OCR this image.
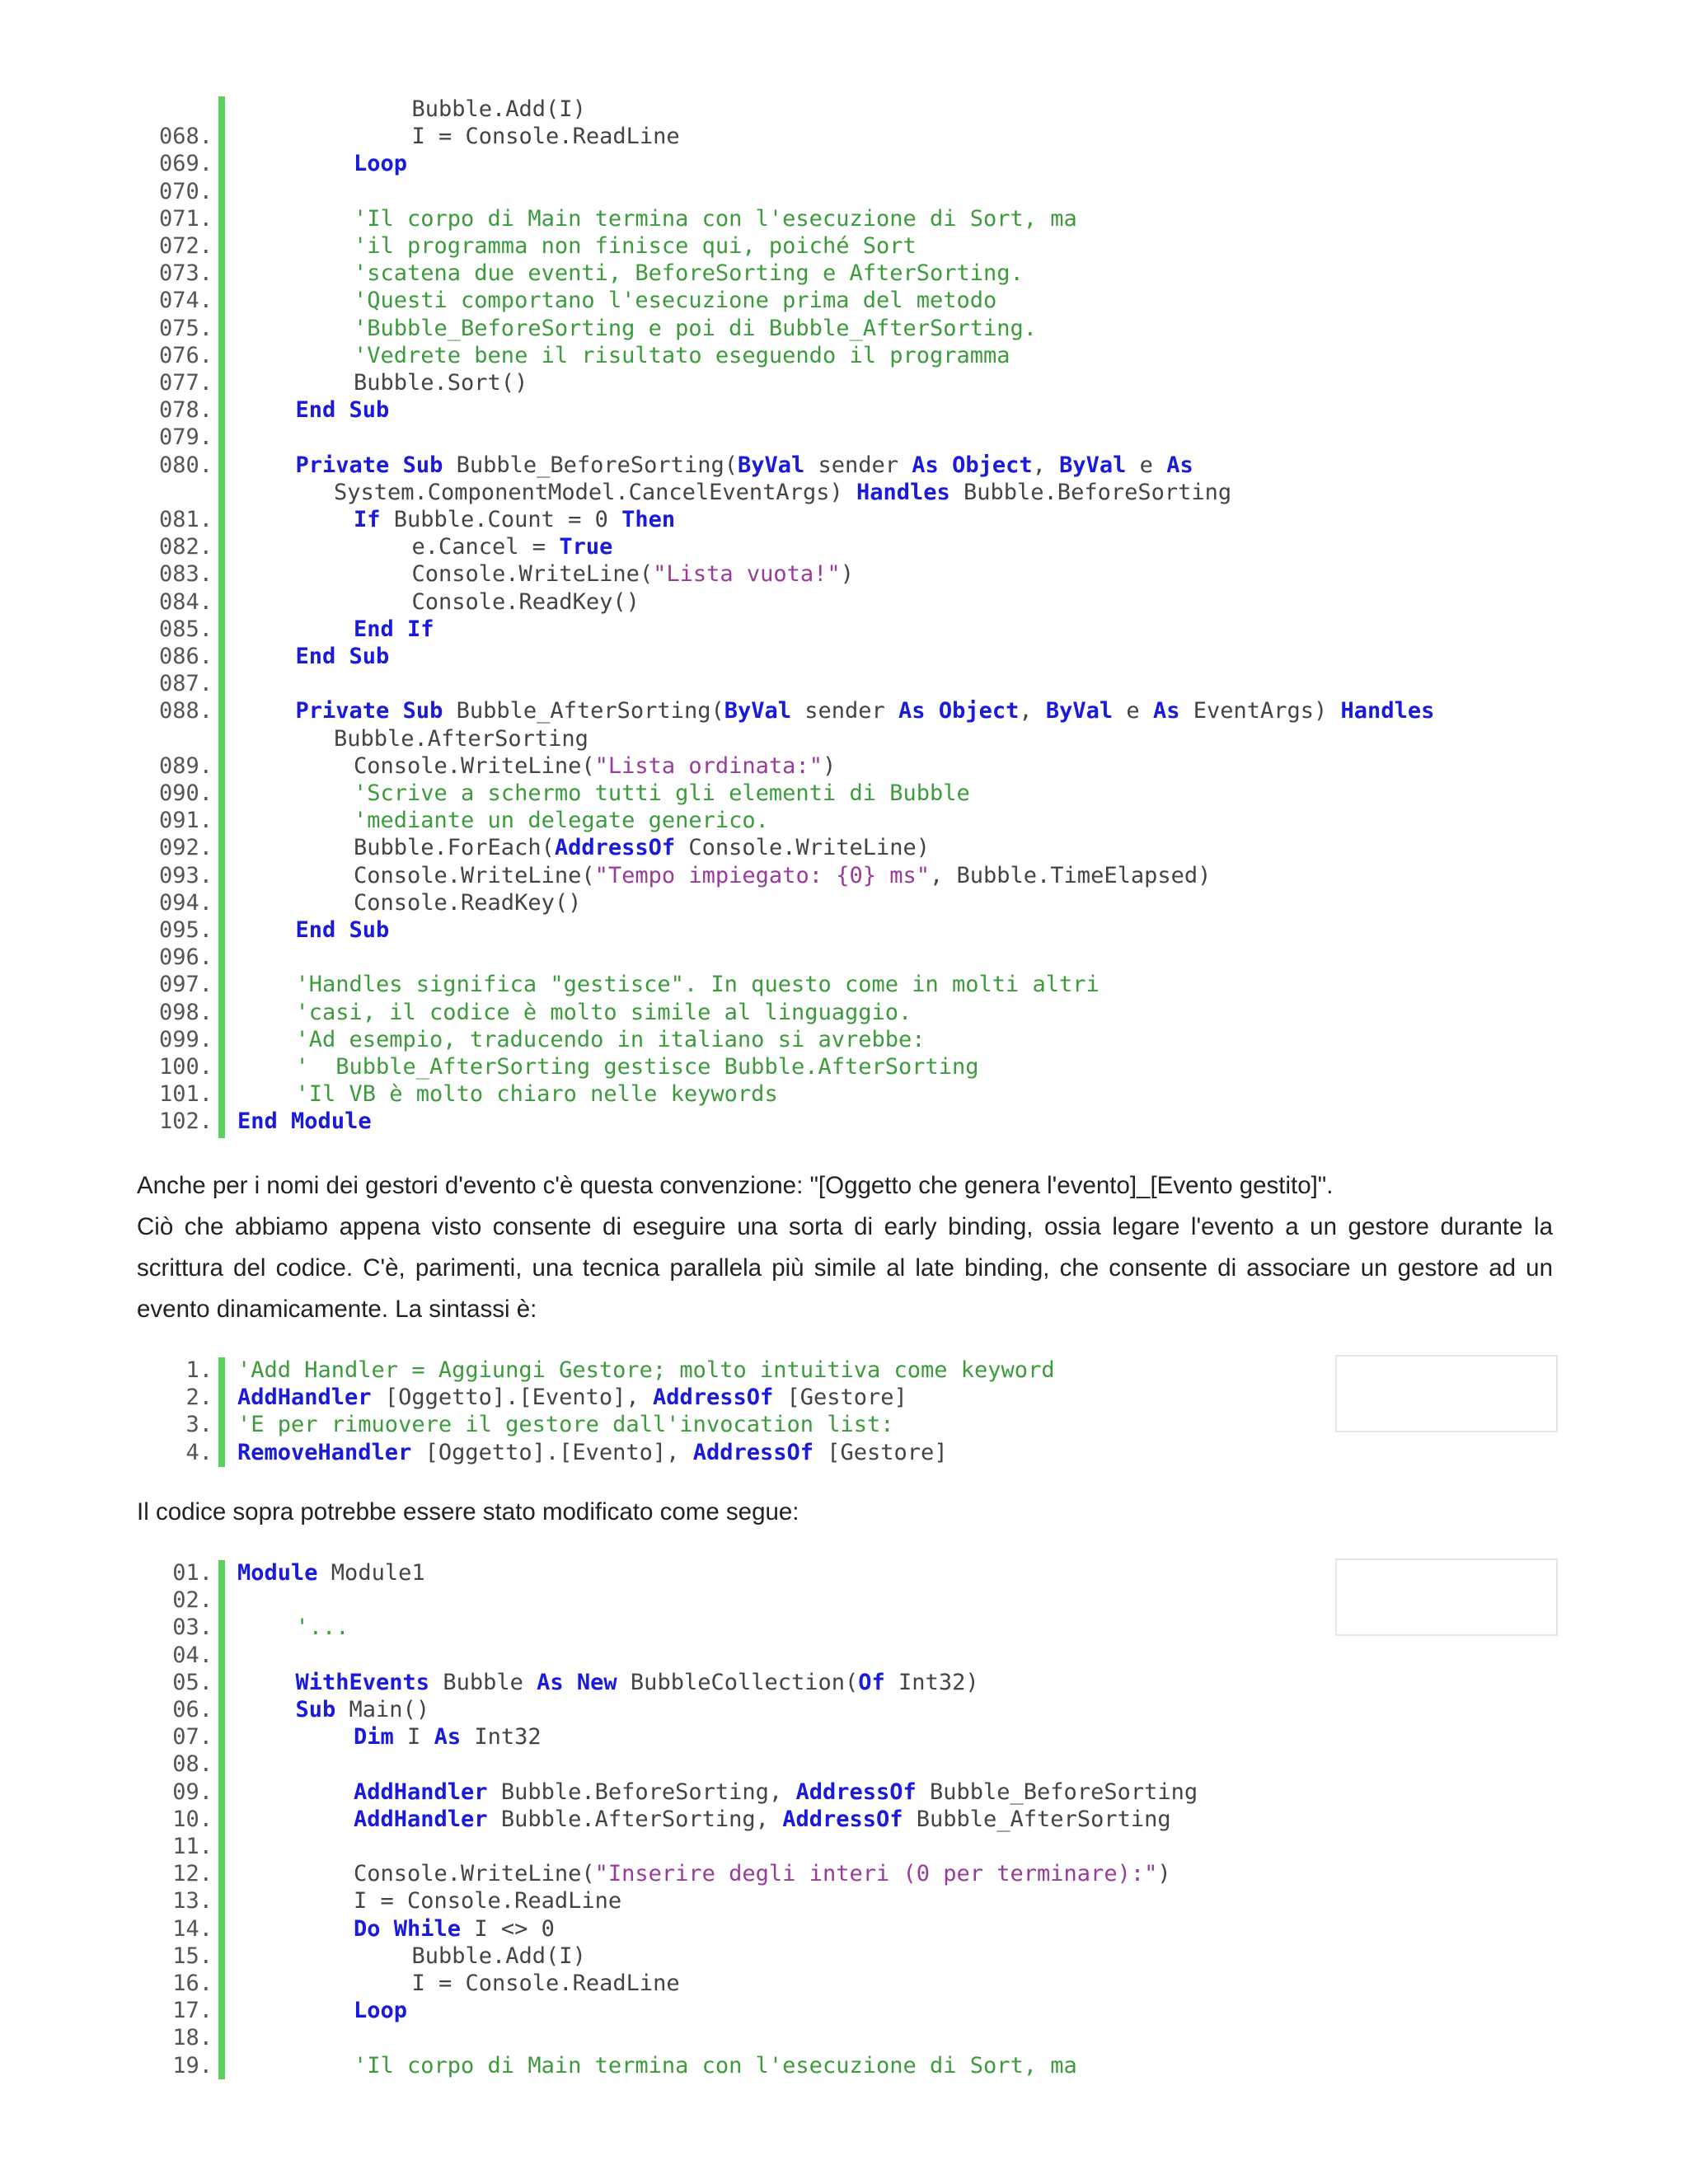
Bubble.Add(I)
068.	I = Console.ReadLine
069.	Loop
070.
071.	'Il corpo di Main termina con l'esecuzione di Sort, ma
072.	'il programma non finisce qui, poiché Sort
073.	'scatena due eventi, BeforeSorting e AfterSorting.
074.	'Questi comportano l'esecuzione prima del metodo
075.	'Bubble_BeforeSorting e poi di Bubble_AfterSorting.
076.	'Vedrete bene il risultato eseguendo il programma
077.	Bubble.Sort()
078.	End Sub
079.
080.	Private Sub Bubble_BeforeSorting(ByVal sender As Object, ByVal e As
System.ComponentModel.CancelEventArgs) Handles Bubble.BeforeSorting
081.	If Bubble.Count = 0 Then
082.	e.Cancel = True
083.	Console.WriteLine("Lista vuota!")
084.	Console.ReadKey()
085.	End If
086.	End Sub
087.
088.	Private Sub Bubble_AfterSorting(ByVal sender As Object, ByVal e As EventArgs) Handles
Bubble.AfterSorting
089.	Console.WriteLine("Lista ordinata:")
090.	'Scrive a schermo tutti gli elementi di Bubble
091.	'mediante un delegate generico.
092.	Bubble.ForEach(AddressOf Console.WriteLine)
093.	Console.WriteLine("Tempo impiegato: {0} ms", Bubble.TimeElapsed)
094.	Console.ReadKey()
095.	End Sub
096.
097.	'Handles significa "gestisce". In questo come in molti altri
098.	'casi, il codice è molto simile al linguaggio.
099.	'Ad esempio, traducendo in italiano si avrebbe:
100.	'  Bubble_AfterSorting gestisce Bubble.AfterSorting
101.	'Il VB è molto chiaro nelle keywords
102. End Module

Anche per i nomi dei gestori d'evento c'è questa convenzione: "[Oggetto che genera l'evento]_[Evento gestito]".

Ciò che abbiamo appena visto consente di eseguire una sorta di early binding, ossia legare l'evento a un gestore durante la scrittura del codice. C'è, parimenti, una tecnica parallela più simile al late binding, che consente di associare un gestore ad un evento dinamicamente. La sintassi è:

1. 'Add Handler = Aggiungi Gestore; molto intuitiva come keyword
2. AddHandler [Oggetto].[Evento], AddressOf [Gestore]
3. 'E per rimuovere il gestore dall'invocation list:
4. RemoveHandler [Oggetto].[Evento], AddressOf [Gestore]

Il codice sopra potrebbe essere stato modificato come segue:

01. Module Module1
02.
03.	'...
04.
05.	WithEvents Bubble As New BubbleCollection(Of Int32)
06.	Sub Main()
07.	Dim I As Int32
08.
09.	AddHandler Bubble.BeforeSorting, AddressOf Bubble_BeforeSorting
10.	AddHandler Bubble.AfterSorting, AddressOf Bubble_AfterSorting
11.
12.	Console.WriteLine("Inserire degli interi (0 per terminare):")
13.	I = Console.ReadLine
14.	Do While I <> 0
15.	Bubble.Add(I)
16.	I = Console.ReadLine
17.	Loop
18.
19.	'Il corpo di Main termina con l'esecuzione di Sort, ma
